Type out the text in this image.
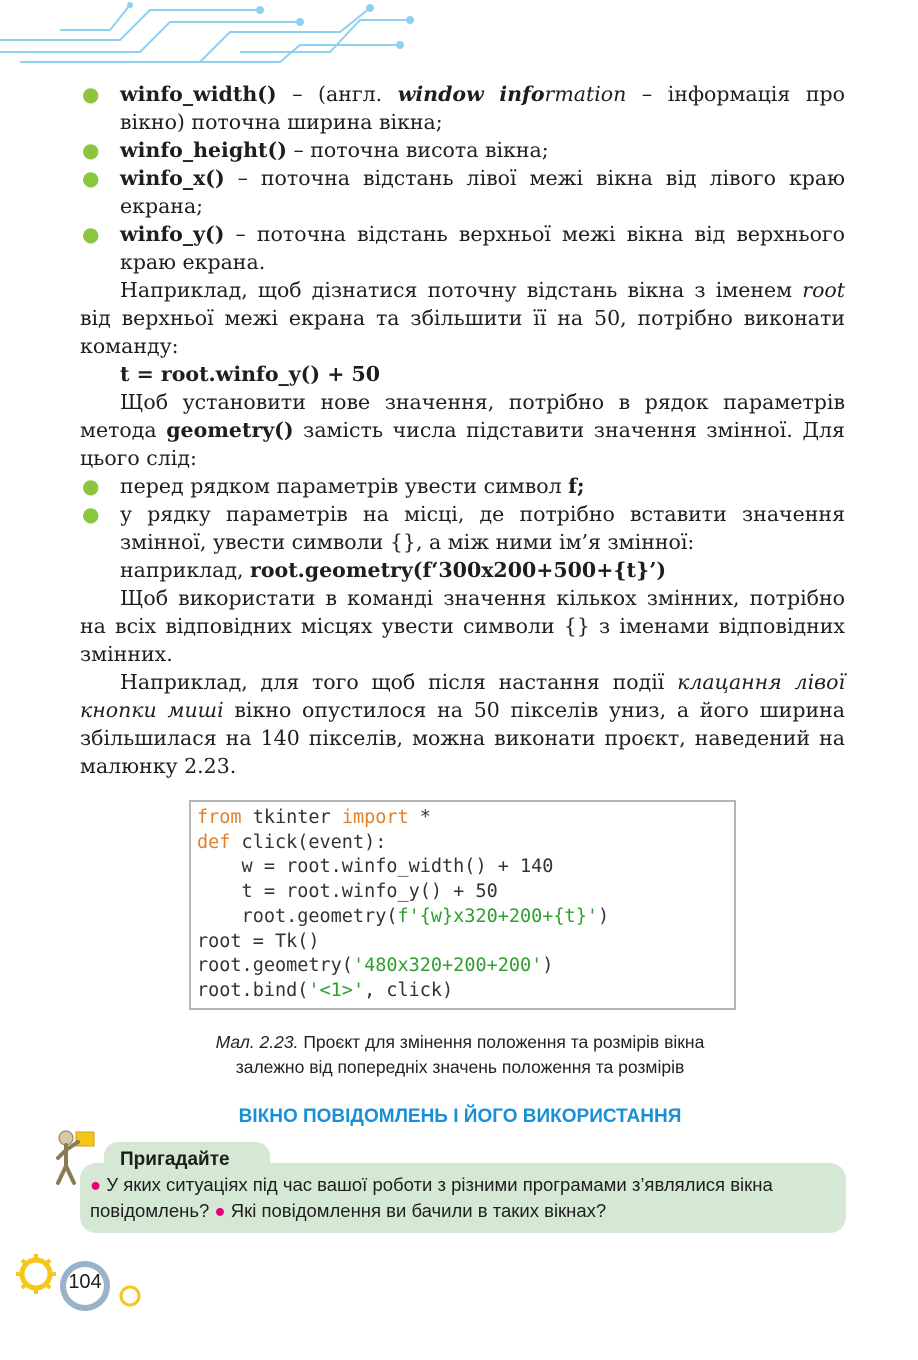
● winfo_width() – (англ. window information – інформація про вікно) поточна ширина вікна;
● winfo_height() – поточна висота вікна;
● winfo_x() – поточна відстань лівої межі вікна від лівого краю екрана;
● winfo_y() – поточна відстань верхньої межі вікна від верхнього краю екрана.

Наприклад, щоб дізнатися поточну відстань вікна з іменем root від верхньої межі екрана та збільшити її на 50, потрібно виконати команду:

t = root.winfo_y() + 50

Щоб установити нове значення, потрібно в рядок параметрів метода geometry() замість числа підставити значення змінної. Для цього слід:

● перед рядком параметрів увести символ f;
● у рядку параметрів на місці, де потрібно вставити значення змінної, увести символи {}, а між ними ім’я змінної:
наприклад, root.geometry(f‘300x200+500+{t}’)

Щоб використати в команді значення кількох змінних, потрібно на всіх відповідних місцях увести символи {} з іменами відповідних змінних.

Наприклад, для того щоб після настання події клацання лівої кнопки миші вікно опустилося на 50 пікселів униз, а його ширина збільшилася на 140 пікселів, можна виконати проєкт, наведений на малюнку 2.23.

from tkinter import *
def click(event):
w = root.winfo_width() + 140
t = root.winfo_y() + 50
root.geometry(f'{w}x320+200+{t}')
root = Tk()
root.geometry('480x320+200+200')
root.bind('<1>', click)
Мал. 2.23. Проєкт для змінення положення та розмірів вікна
залежно від попередніх значень положення та розмірів
ВІКНО ПОВІДОМЛЕНЬ І ЙОГО ВИКОРИСТАННЯ
Пригадайте
● У яких ситуаціях під час вашої роботи з різними програмами з’являлися вікна повідомлень? ● Які повідомлення ви бачили в таких вікнах?
104
